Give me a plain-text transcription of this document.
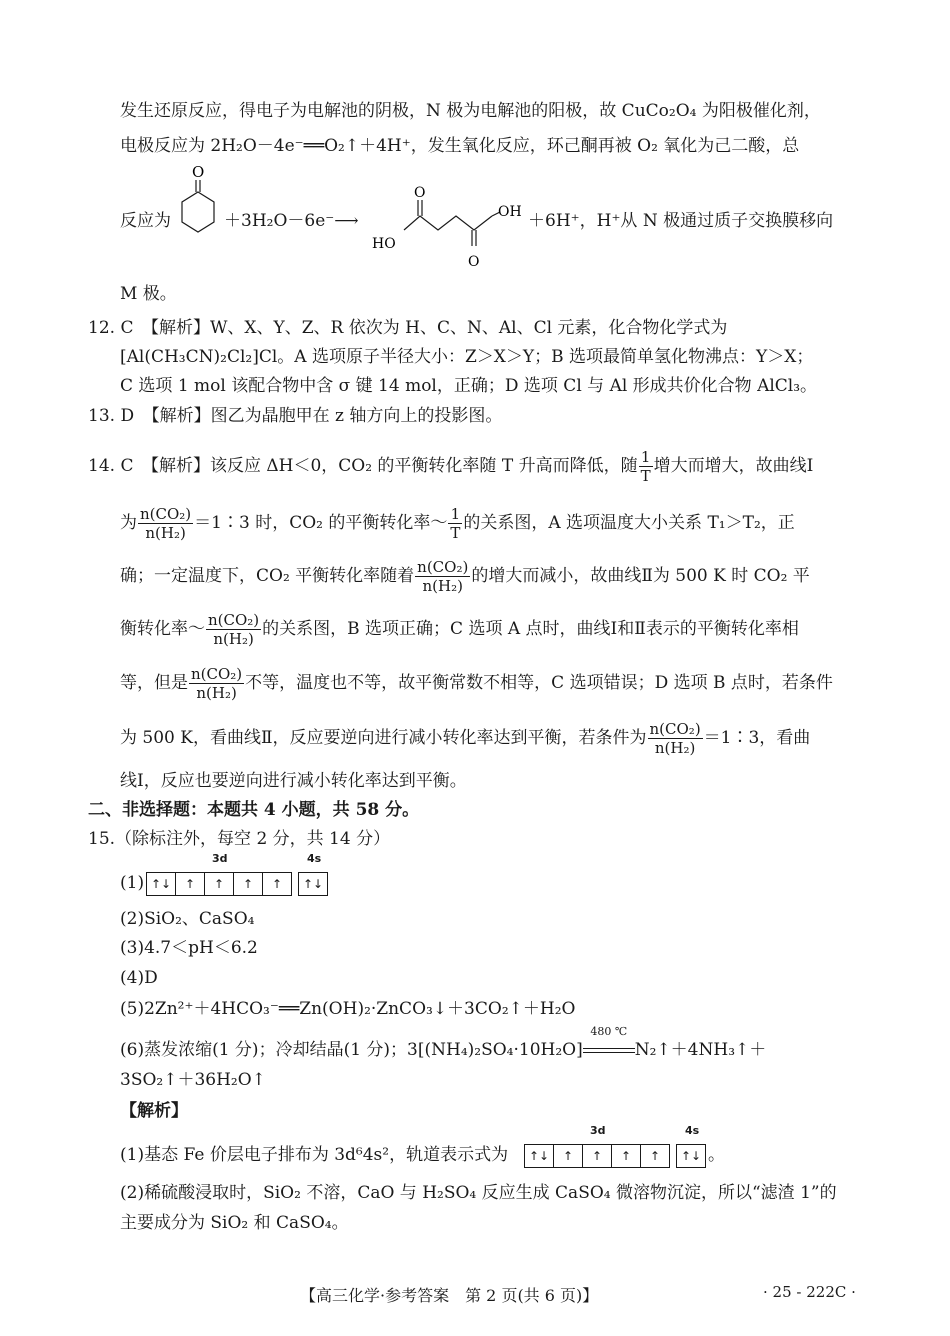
发生还原反应，得电子为电解池的阴极，N 极为电解池的阳极，故 CuCo₂O₄ 为阳极催化剂，
电极反应为 2H₂O－4e⁻══O₂↑＋4H⁺，发生氧化反应，环己酮再被 O₂ 氧化为己二酸，总
反应为
O
＋3H₂O－6e⁻⟶
O
OH
HO
O
＋6H⁺，H⁺从 N 极通过质子交换膜移向
M 极。
12. C　【解析】W、X、Y、Z、R 依次为 H、C、N、Al、Cl 元素，化合物化学式为
[Al(CH₃CN)₂Cl₂]Cl。A 选项原子半径大小：Z＞X＞Y；B 选项最简单氢化物沸点：Y＞X；
C 选项 1 mol 该配合物中含 σ 键 14 mol，正确；D 选项 Cl 与 Al 形成共价化合物 AlCl₃。
13. D　【解析】图乙为晶胞甲在 z 轴方向上的投影图。
14. C　【解析】该反应 ΔH＜0，CO₂ 的平衡转化率随 T 升高而降低，随 $\frac{1}{T}$ 增大而增大，故曲线Ⅰ
为 $\frac{\text{n(CO₂)}}{\text{n(H₂)}}$ ＝1∶3 时，CO₂ 的平衡转化率～ $\frac{1}{T}$ 的关系图，A 选项温度大小关系 T₁＞T₂，正
确；一定温度下，CO₂ 平衡转化率随着 $\frac{\text{n(CO₂)}}{\text{n(H₂)}}$ 的增大而减小，故曲线Ⅱ为 500 K 时 CO₂ 平
衡转化率～ $\frac{\text{n(CO₂)}}{\text{n(H₂)}}$ 的关系图，B 选项正确；C 选项 A 点时，曲线Ⅰ和Ⅱ表示的平衡转化率相
等，但是 $\frac{\text{n(CO₂)}}{\text{n(H₂)}}$ 不等，温度也不等，故平衡常数不相等，C 选项错误；D 选项 B 点时，若条件
为 500 K，看曲线Ⅱ，反应要逆向进行减小转化率达到平衡，若条件为 $\frac{\text{n(CO₂)}}{\text{n(H₂)}}$ ＝1∶3，看曲
线Ⅰ，反应也要逆向进行减小转化率达到平衡。
二、非选择题：本题共 4 小题，共 58 分。
15.（除标注外，每空 2 分，共 14 分）
(1)
3d	4s
↑↓	↑	↑	↑	↑	↑↓
(2)SiO₂、CaSO₄
(3)4.7＜pH＜6.2
(4)D
(5)2Zn²⁺＋4HCO₃⁻══Zn(OH)₂·ZnCO₃↓＋3CO₂↑＋H₂O
(6)蒸发浓缩(1 分)；冷却结晶(1 分)；3[(NH₄)₂SO₄·10H₂O]
480 ℃
N₂↑＋4NH₃↑＋
3SO₂↑＋36H₂O↑
【解析】
(1)基态 Fe 价层电子排布为 3d⁶4s²，轨道表示式为
3d	4s
↑↓	↑	↑	↑	↑	↑↓ 。
(2)稀硫酸浸取时，SiO₂ 不溶，CaO 与 H₂SO₄ 反应生成 CaSO₄ 微溶物沉淀，所以“滤渣 1”的
主要成分为 SiO₂ 和 CaSO₄。
【高三化学·参考答案　第 2 页(共 6 页)】	· 25 - 222C ·
